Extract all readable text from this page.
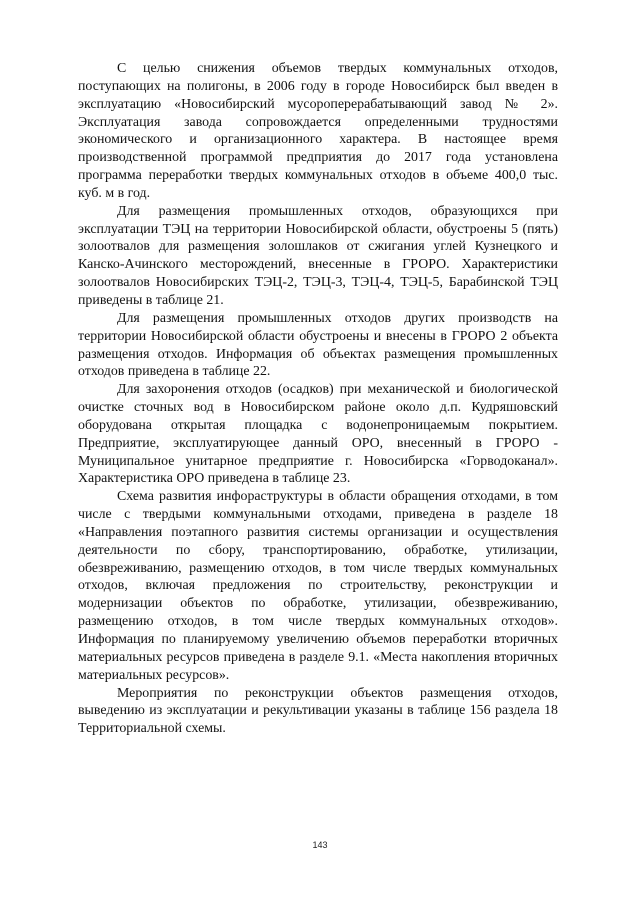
С целью снижения объемов твердых коммунальных отходов, поступающих на полигоны, в 2006 году в городе Новосибирск был введен в эксплуатацию «Новосибирский мусороперерабатывающий завод № 2». Эксплуатация завода сопровождается определенными трудностями экономического и организационного характера. В настоящее время производственной программой предприятия до 2017 года установлена программа переработки твердых коммунальных отходов в объеме 400,0 тыс. куб. м в год.

Для размещения промышленных отходов, образующихся при эксплуатации ТЭЦ на территории Новосибирской области, обустроены 5 (пять) золоотвалов для размещения золошлаков от сжигания углей Кузнецкого и Канско-Ачинского месторождений, внесенные в ГРОРО. Характеристики золоотвалов Новосибирских ТЭЦ-2, ТЭЦ-3, ТЭЦ-4, ТЭЦ-5, Барабинской ТЭЦ приведены в таблице 21.

Для размещения промышленных отходов других производств на территории Новосибирской области обустроены и внесены в ГРОРО 2 объекта размещения отходов. Информация об объектах размещения промышленных отходов приведена в таблице 22.

Для захоронения отходов (осадков) при механической и биологической очистке сточных вод в Новосибирском районе около д.п. Кудряшовский оборудована открытая площадка с водонепроницаемым покрытием. Предприятие, эксплуатирующее данный ОРО, внесенный в ГРОРО - Муниципальное унитарное предприятие г. Новосибирска «Горводоканал». Характеристика ОРО приведена в таблице 23.

Схема развития инфораструктуры в области обращения отходами, в том числе с твердыми коммунальными отходами, приведена в разделе 18 «Направления поэтапного развития системы организации и осуществления деятельности по сбору, транспортированию, обработке, утилизации, обезвреживанию, размещению отходов, в том числе твердых коммунальных отходов, включая предложения по строительству, реконструкции и модернизации объектов по обработке, утилизации, обезвреживанию, размещению отходов, в том числе твердых коммунальных отходов». Информация по планируемому увеличению объемов переработки вторичных материальных ресурсов приведена в разделе 9.1. «Места накопления вторичных материальных ресурсов».

Мероприятия по реконструкции объектов размещения отходов, выведению из эксплуатации и рекультивации указаны в таблице 156 раздела 18 Территориальной схемы.

143
